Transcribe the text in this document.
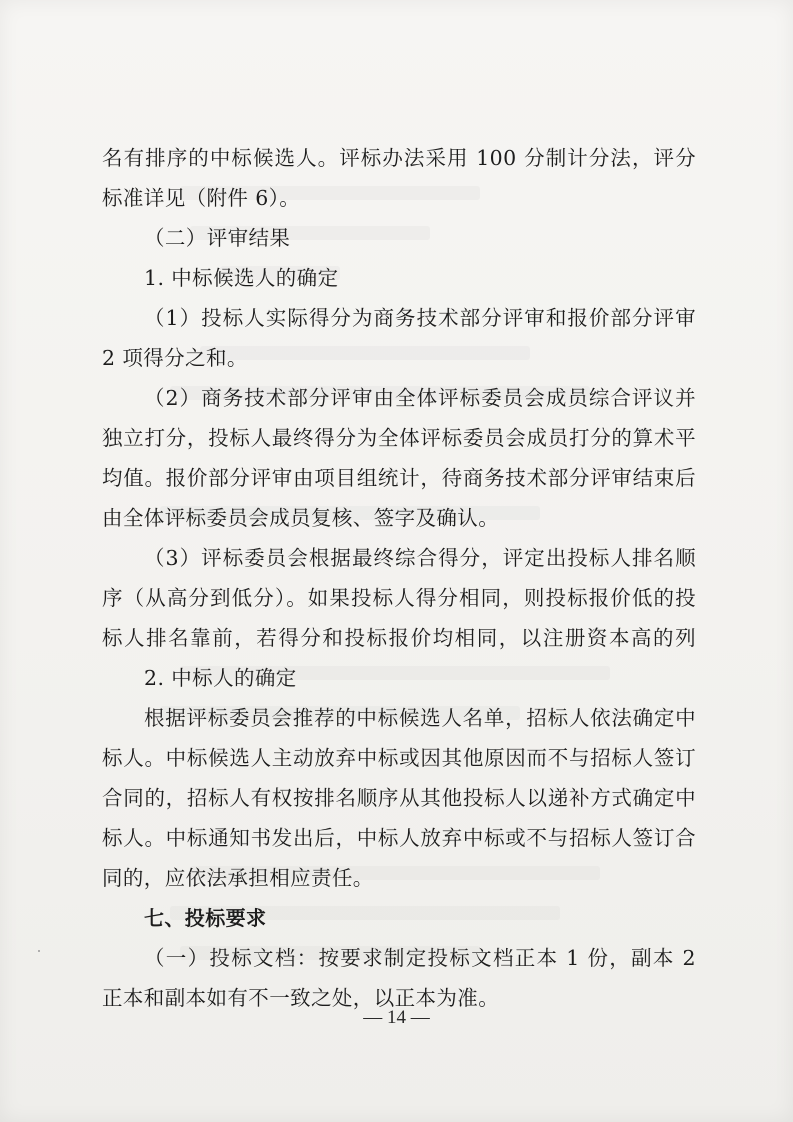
名有排序的中标候选人。评标办法采用 100 分制计分法，评分
标准详见（附件 6）。
（二）评审结果
1. 中标候选人的确定
（1）投标人实际得分为商务技术部分评审和报价部分评审
2 项得分之和。
（2）商务技术部分评审由全体评标委员会成员综合评议并
独立打分，投标人最终得分为全体评标委员会成员打分的算术平
均值。报价部分评审由项目组统计，待商务技术部分评审结束后
由全体评标委员会成员复核、签字及确认。
（3）评标委员会根据最终综合得分，评定出投标人排名顺
序（从高分到低分）。如果投标人得分相同，则投标报价低的投
标人排名靠前，若得分和投标报价均相同，以注册资本高的列
2. 中标人的确定
根据评标委员会推荐的中标候选人名单，招标人依法确定中
标人。中标候选人主动放弃中标或因其他原因而不与招标人签订
合同的，招标人有权按排名顺序从其他投标人以递补方式确定中
标人。中标通知书发出后，中标人放弃中标或不与招标人签订合
同的，应依法承担相应责任。
七、投标要求
（一）投标文档：按要求制定投标文档正本 1 份，副本 2
正本和副本如有不一致之处，以正本为准。
— 14 —
